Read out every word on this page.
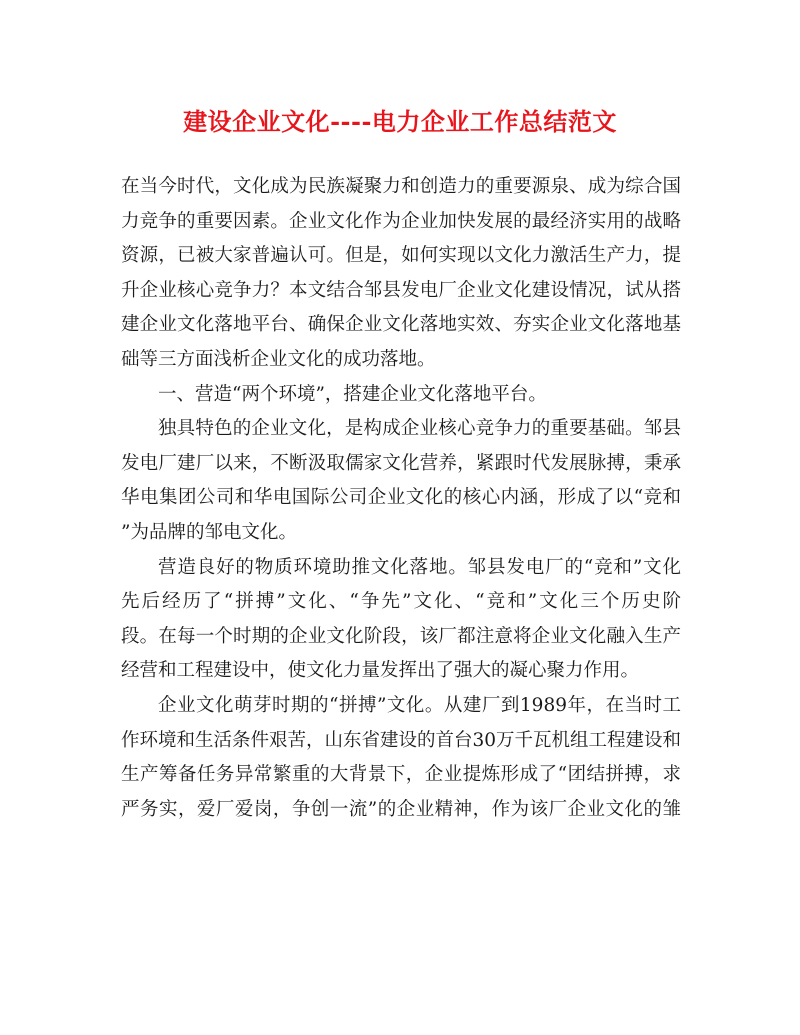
建设企业文化----电力企业工作总结范文

在当今时代，文化成为民族凝聚力和创造力的重要源泉、成为综合国

力竞争的重要因素。企业文化作为企业加快发展的最经济实用的战略

资源，已被大家普遍认可。但是，如何实现以文化力激活生产力，提

升企业核心竞争力？本文结合邹县发电厂企业文化建设情况，试从搭

建企业文化落地平台、确保企业文化落地实效、夯实企业文化落地基

础等三方面浅析企业文化的成功落地。

一、营造“两个环境”，搭建企业文化落地平台。

独具特色的企业文化，是构成企业核心竞争力的重要基础。邹县

发电厂建厂以来，不断汲取儒家文化营养，紧跟时代发展脉搏，秉承

华电集团公司和华电国际公司企业文化的核心内涵，形成了以“竞和

”为品牌的邹电文化。

营造良好的物质环境助推文化落地。邹县发电厂的“竞和”文化

先后经历了“拼搏”文化、“争先”文化、“竞和”文化三个历史阶

段。在每一个时期的企业文化阶段，该厂都注意将企业文化融入生产

经营和工程建设中，使文化力量发挥出了强大的凝心聚力作用。

企业文化萌芽时期的“拼搏”文化。从建厂到1989年，在当时工

作环境和生活条件艰苦，山东省建设的首台30万千瓦机组工程建设和

生产筹备任务异常繁重的大背景下，企业提炼形成了“团结拼搏，求

严务实，爱厂爱岗，争创一流”的企业精神，作为该厂企业文化的雏
